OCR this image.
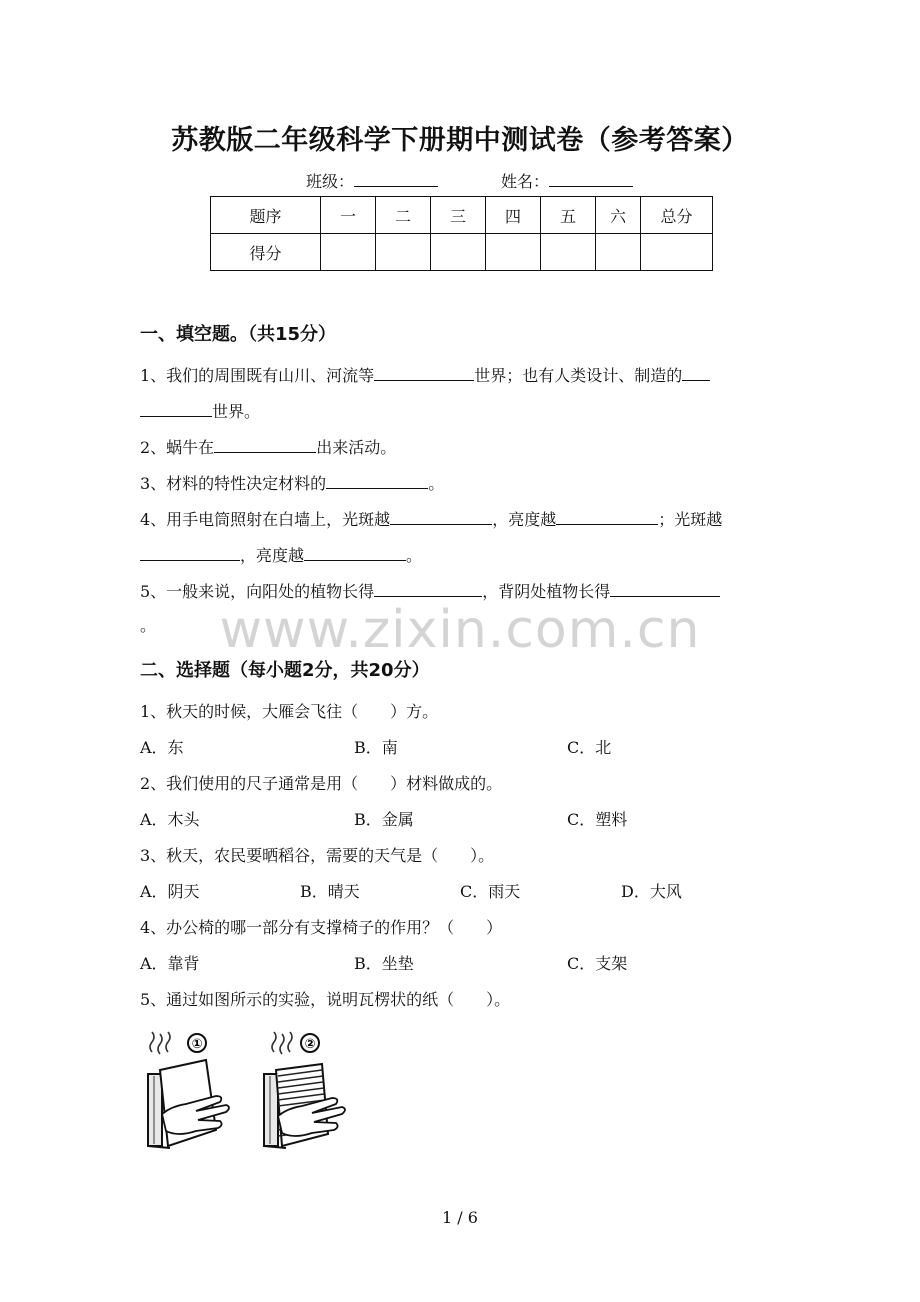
苏教版二年级科学下册期中测试卷（参考答案）
班级：	姓名：
题序	一	二	三	四	五	六	总分
得分							
一、填空题。（共15分）
1、我们的周围既有山川、河流等	世界；也有人类设计、制造的
世界。
2、蜗牛在	出来活动。
3、材料的特性决定材料的	。
4、用手电筒照射在白墙上，光斑越	，亮度越	；光斑越
，亮度越	。
5、一般来说，向阳处的植物长得	，背阴处植物长得
。	www.zixin.com.cn
二、选择题（每小题2分，共20分）
1、秋天的时候，大雁会飞往（　　）方。
A．东	B．南	C．北
2、我们使用的尺子通常是用（　　）材料做成的。
A．木头	B．金属	C．塑料
3、秋天，农民要晒稻谷，需要的天气是（　　）。
A．阴天	B．晴天	C．雨天	D．大风
4、办公椅的哪一部分有支撑椅子的作用？（　　）
A．靠背	B．坐垫	C．支架
5、通过如图所示的实验，说明瓦楞状的纸（　　）。
①	②
1 / 6
